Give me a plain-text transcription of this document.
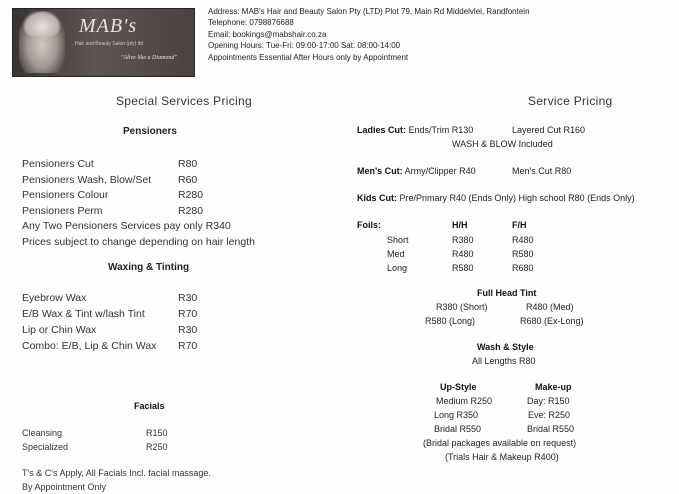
MAB's
Hair and Beauty Salon (pty) ltd
"Alive like a Diamond"
Address: MAB's Hair and Beauty Salon Pty (LTD) Plot 79, Main Rd Middelvlei, Randfontein
Telephone: 0798876688
Email: bookings@mabshair.co.za
Opening Hours: Tue-Fri: 09:00-17:00 Sat: 08:00-14:00
Appointments Essential After Hours only by Appointment
Special Services Pricing
Pensioners
Pensioners Cut	R80
Pensioners Wash, Blow/Set	R60
Pensioners Colour	R280
Pensioners Perm	R280
Any Two Pensioners Services pay only R340
Prices subject to change depending on hair length
Waxing & Tinting
Eyebrow Wax	R30
E/B Wax & Tint w/lash Tint	R70
Lip or Chin Wax	R30
Combo: E/B, Lip & Chin Wax R70
Facials
Cleansing	R150
Specialized	R250
T's & C's Apply, All Facials Incl. facial massage.
By Appointment Only
Service Pricing
Ladies Cut: Ends/Trim R130	Layered Cut R160
WASH & BLOW Included
Men's Cut: Army/Clipper R40	Men's Cut R80
Kids Cut: Pre/Primary R40 (Ends Only) High school R80 (Ends Only)
Foils:	H/H	F/H
Short	R380	R480
Med	R480	R580
Long	R580	R680
Full Head Tint
R380 (Short)	R480 (Med)
R580 (Long)	R680 (Ex-Long)
Wash & Style
All Lengths R80
Up-Style	Make-up
Medium R250	Day: R150
Long R350	Eve: R250
Bridal R550	Bridal R550
(Bridal packages available on request)
(Trials Hair & Makeup R400)
